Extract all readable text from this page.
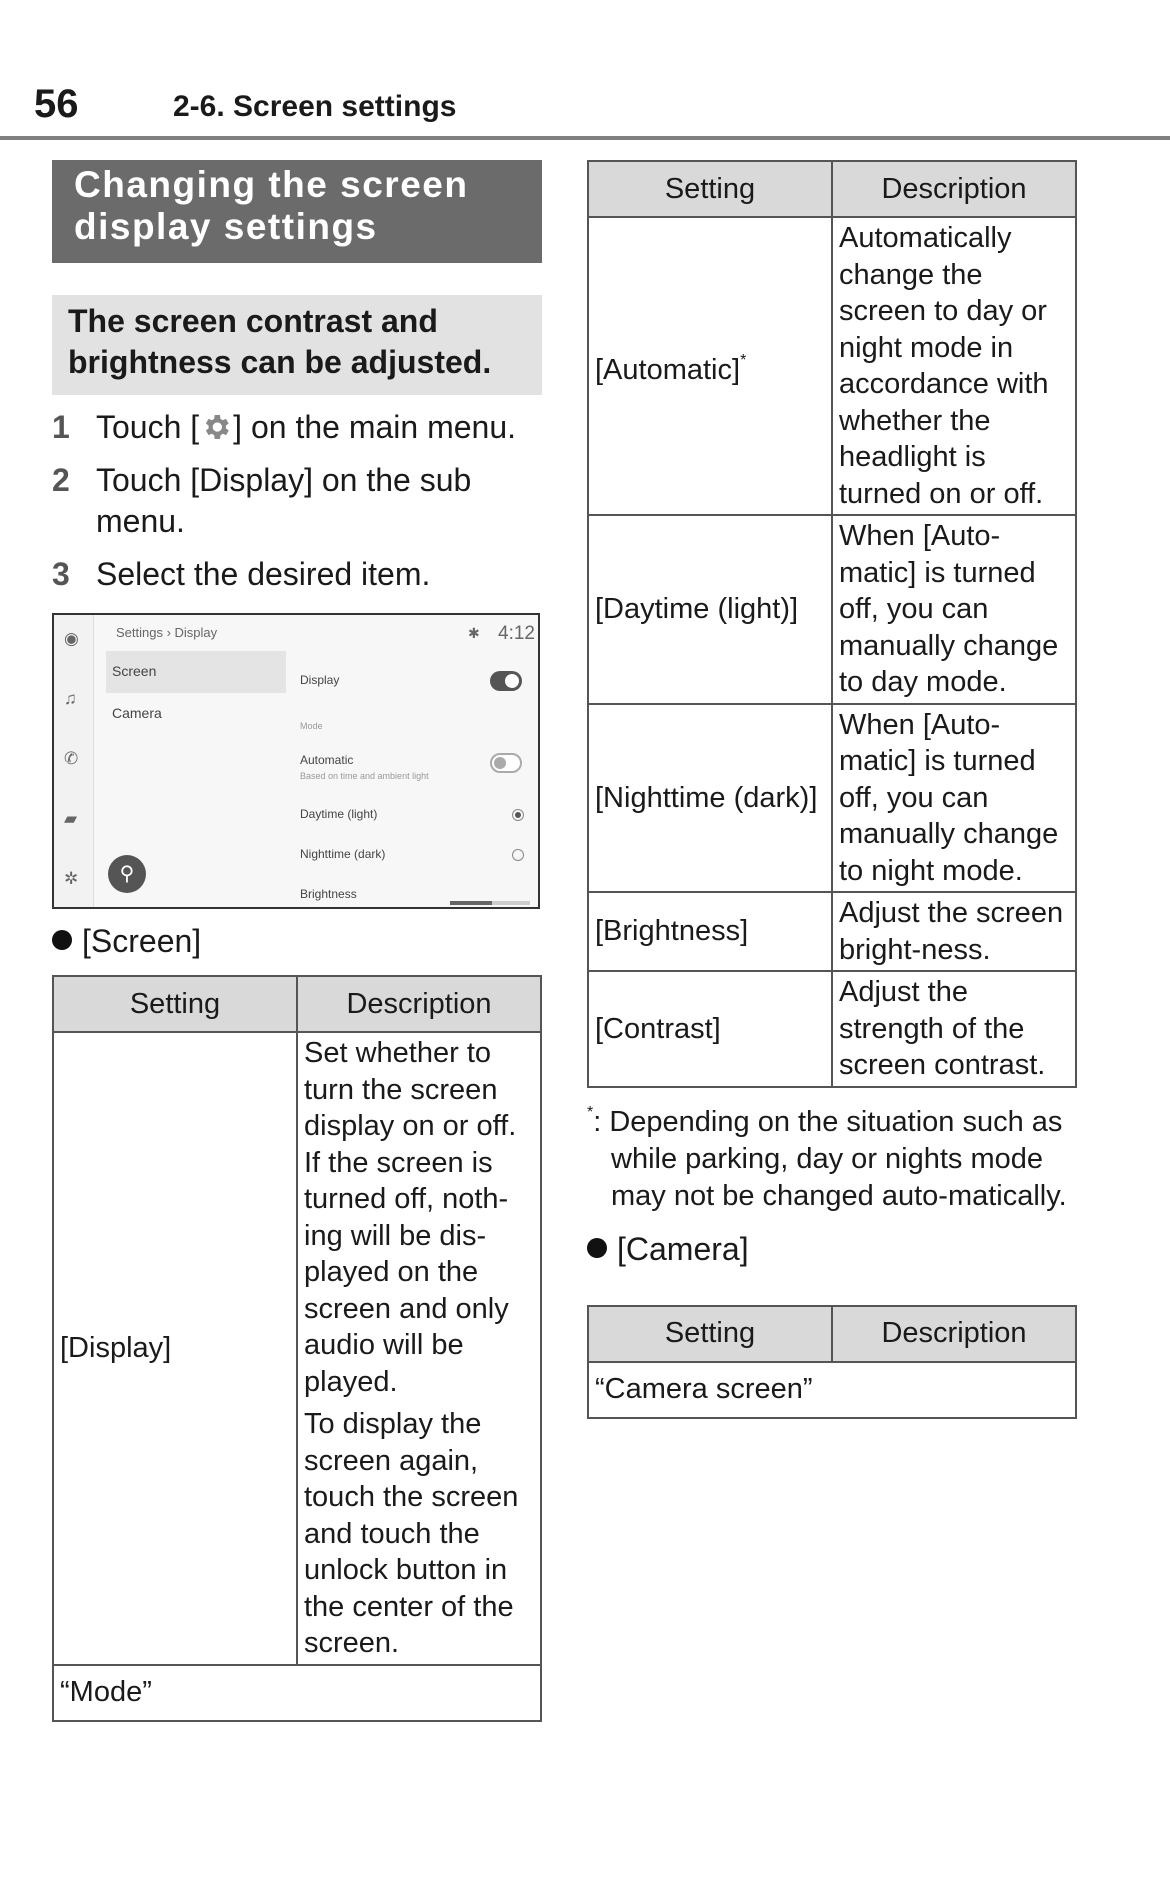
56	2-6. Screen settings
Changing the screen display settings
The screen contrast and brightness can be adjusted.
1 Touch [ ] on the main menu.
2 Touch [Display] on the sub menu.
3 Select the desired item.
◉
♫
✆
▰
✲
Settings › Display	✱ 4:12
Screen
Camera
Display
Mode
Automatic
Based on time and ambient light
Daytime (light)
Nighttime (dark)
Brightness
⚲
[Screen]
Setting	Description
[Display]	Set whether to turn the screen display on or off. If the screen is turned off, noth-ing will be dis-played on the screen and only audio will be played.
To display the screen again, touch the screen and touch the unlock button in the center of the screen.

“Mode”	
Setting	Description
[Automatic]*	Automatically change the screen to day or night mode in accordance with whether the headlight is turned on or off.
[Daytime (light)]	When [Auto-matic] is turned off, you can manually change to day mode.
[Nighttime (dark)]	When [Auto-matic] is turned off, you can manually change to night mode.
[Brightness]	Adjust the screen bright-ness.
[Contrast]	Adjust the strength of the screen contrast.
*: Depending on the situation such as while parking, day or nights mode may not be changed auto-matically.
[Camera]
Setting	Description
“Camera screen”
